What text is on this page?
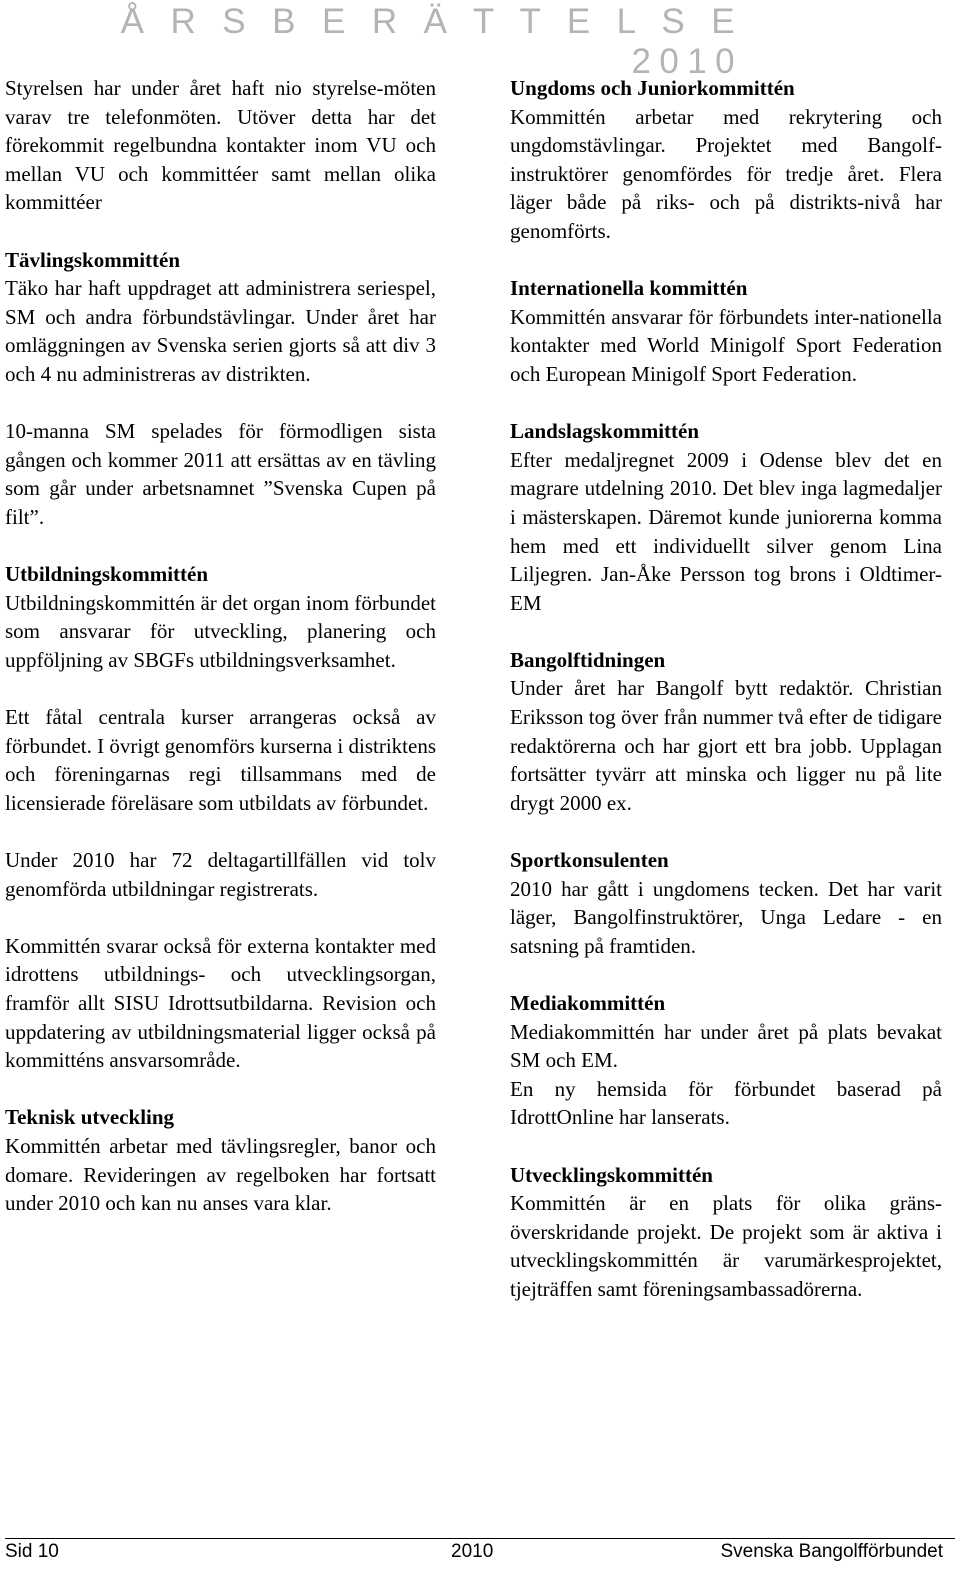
Å R S B E R Ä T T E L S E 2010

Styrelsen har under året haft nio styrelse-möten varav tre telefonmöten. Utöver detta har det förekommit regelbundna kontakter inom VU och mellan VU och kommittéer samt mellan olika kommittéer

Tävlingskommittén

Täko har haft uppdraget att administrera seriespel, SM och andra förbundstävlingar. Under året har omläggningen av Svenska serien gjorts så att div 3 och 4 nu administreras av distrikten.

10-manna SM spelades för förmodligen sista gången och kommer 2011 att ersättas av en tävling som går under arbetsnamnet ”Svenska Cupen på filt”.

Utbildningskommittén

Utbildningskommittén är det organ inom förbundet som ansvarar för utveckling, planering och uppföljning av SBGFs utbildningsverksamhet.

Ett fåtal centrala kurser arrangeras också av förbundet. I övrigt genomförs kurserna i distriktens och föreningarnas regi tillsammans med de licensierade föreläsare som utbildats av förbundet.

Under 2010 har 72 deltagartillfällen vid tolv genomförda utbildningar registrerats.

Kommittén svarar också för externa kontakter med idrottens utbildnings- och utvecklingsorgan, framför allt SISU Idrottsutbildarna. Revision och uppdatering av utbildningsmaterial ligger också på kommitténs ansvarsområde.

Teknisk utveckling

Kommittén arbetar med tävlingsregler, banor och domare. Revideringen av regelboken har fortsatt under 2010 och kan nu anses vara klar.

Ungdoms och Juniorkommittén

Kommittén arbetar med rekrytering och ungdomstävlingar. Projektet med Bangolf-instruktörer genomfördes för tredje året. Flera läger både på riks- och på distrikts-nivå har genomförts.

Internationella kommittén

Kommittén ansvarar för förbundets inter-nationella kontakter med World Minigolf Sport Federation och European Minigolf Sport Federation.

Landslagskommittén

Efter medaljregnet 2009 i Odense blev det en magrare utdelning 2010. Det blev inga lagmedaljer i mästerskapen. Däremot kunde juniorerna komma hem med ett individuellt silver genom Lina Liljegren. Jan-Åke Persson tog brons i Oldtimer-EM

Bangolftidningen

Under året har Bangolf bytt redaktör. Christian Eriksson tog över från nummer två efter de tidigare redaktörerna och har gjort ett bra jobb. Upplagan fortsätter tyvärr att minska och ligger nu på lite drygt 2000 ex.

Sportkonsulenten

2010 har gått i ungdomens tecken. Det har varit läger, Bangolfinstruktörer, Unga Ledare - en satsning på framtiden.

Mediakommittén

Mediakommittén har under året på plats bevakat SM och EM.

En ny hemsida för förbundet baserad på IdrottOnline har lanserats.

Utvecklingskommittén

Kommittén är en plats för olika gräns-överskridande projekt. De projekt som är aktiva i utvecklingskommittén är varumärkesprojektet, tjejträffen samt föreningsambassadörerna.

Sid 10	2010	Svenska Bangolfförbundet
